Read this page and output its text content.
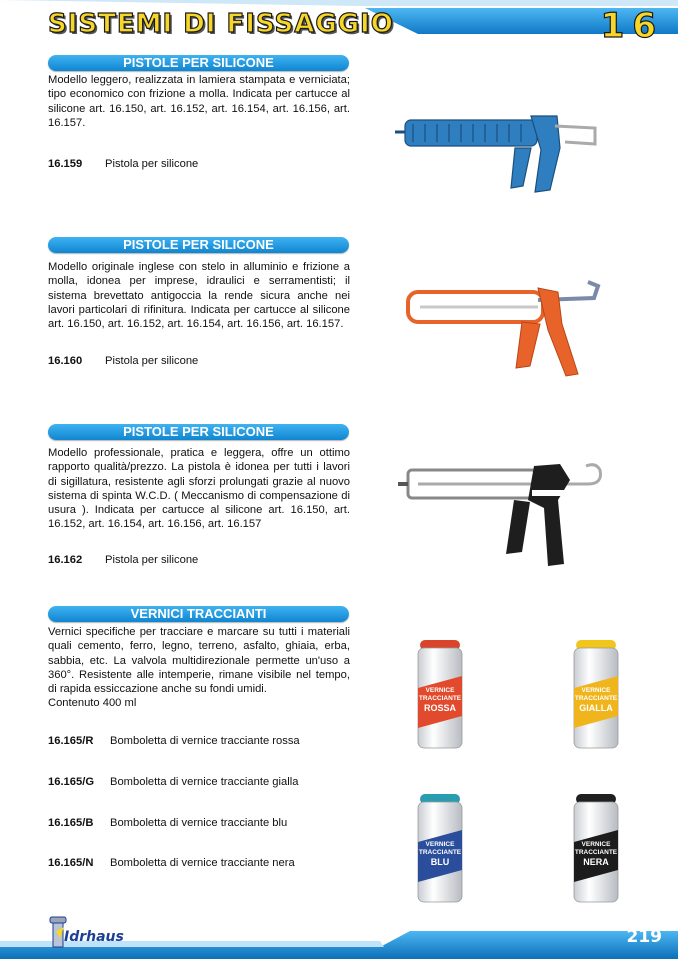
SISTEMI DI FISSAGGIO	16
PISTOLE PER SILICONE
Modello leggero, realizzata in lamiera stampata e verniciata; tipo economico con frizione a molla. Indicata per cartucce al silicone art. 16.150, art. 16.152, art. 16.154, art. 16.156, art. 16.157.
16.159 Pistola per silicone
PISTOLE PER SILICONE
Modello originale inglese con stelo in alluminio e frizione a molla, idonea per imprese, idraulici e serramentisti; il sistema brevettato antigoccia la rende sicura anche nei lavori particolari di rifinitura. Indicata per cartucce al silicone art. 16.150, art. 16.152, art. 16.154, art. 16.156, art. 16.157.
16.160 Pistola per silicone
PISTOLE PER SILICONE
Modello professionale, pratica e leggera, offre un ottimo rapporto qualità/prezzo. La pistola è idonea per tutti i lavori di sigillatura, resistente agli sforzi prolungati grazie al nuovo sistema di spinta W.C.D. ( Meccanismo di compensazione di usura ). Indicata per cartucce al silicone art. 16.150, art. 16.152, art. 16.154, art. 16.156, art. 16.157
16.162 Pistola per silicone
VERNICI TRACCIANTI
Vernici specifiche per tracciare e marcare su tutti i materiali quali cemento, ferro, legno, terreno, asfalto, ghiaia, erba, sabbia, etc. La valvola multidirezionale permette un'uso a 360°. Resistente alle intemperie, rimane visibile nel tempo, di rapida essiccazione anche su fondi umidi.
Contenuto 400 ml
16.165/R Bomboletta di vernice tracciante rossa
16.165/G Bomboletta di vernice tracciante gialla
16.165/B Bomboletta di vernice tracciante blu
16.165/N Bomboletta di vernice tracciante nera
VERNICE
TRACCIANTE
ROSSA
VERNICE
TRACCIANTE
GIALLA
VERNICE
TRACCIANTE
BLU
VERNICE
TRACCIANTE
NERA
Idrhaus	219
